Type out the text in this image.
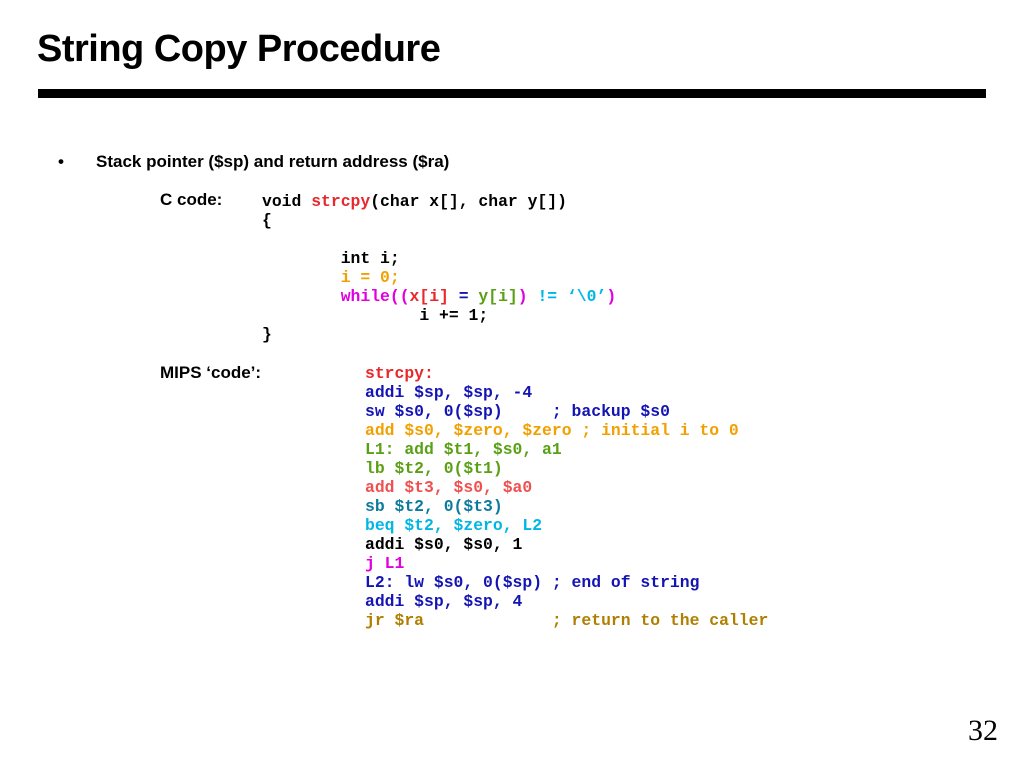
String Copy Procedure
• Stack pointer ($sp) and return address ($ra)
C code: void strcpy(char x[], char y[])
{
int i;
i = 0;
while((x[i] = y[i]) != ‘\0’)
i += 1;
}
MIPS ‘code’:	strcpy:
addi $sp, $sp, -4
sw $s0, 0($sp)     ; backup $s0
add $s0, $zero, $zero ; initial i to 0
L1: add $t1, $s0, a1
lb $t2, 0($t1)
add $t3, $s0, $a0
sb $t2, 0($t3)
beq $t2, $zero, L2
addi $s0, $s0, 1
j L1
L2: lw $s0, 0($sp) ; end of string
addi $sp, $sp, 4
jr $ra             ; return to the caller
32
